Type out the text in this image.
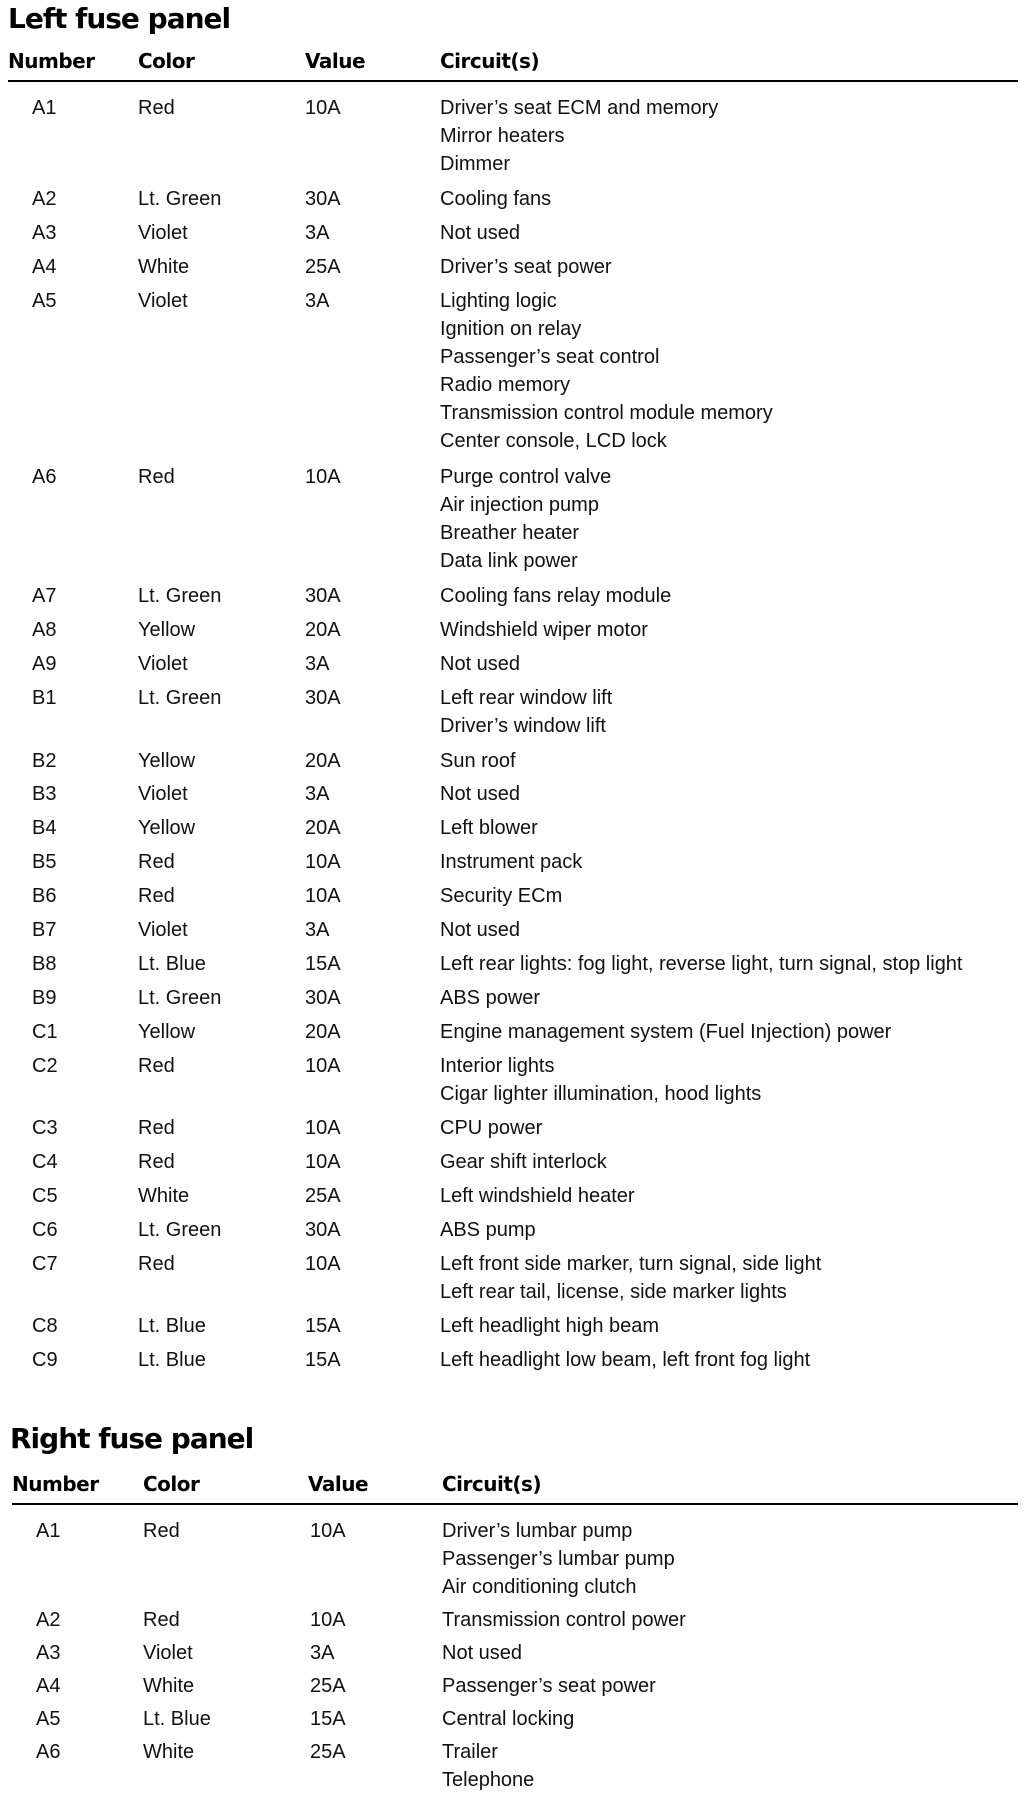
Left fuse panel
Number Color	Value	Circuit(s)
A1	Red	10A	Driver’s seat ECM and memory
Mirror heaters
Dimmer
A2	Lt. Green	30A	Cooling fans
A3	Violet	3A	Not used
A4	White	25A	Driver’s seat power
A5	Violet	3A	Lighting logic
Ignition on relay
Passenger’s seat control
Radio memory
Transmission control module memory
Center console, LCD lock
A6	Red	10A	Purge control valve
Air injection pump
Breather heater
Data link power
A7	Lt. Green	30A	Cooling fans relay module
A8	Yellow	20A	Windshield wiper motor
A9	Violet	3A	Not used
B1	Lt. Green	30A	Left rear window lift
Driver’s window lift
B2	Yellow	20A	Sun roof
B3	Violet	3A	Not used
B4	Yellow	20A	Left blower
B5	Red	10A	Instrument pack
B6	Red	10A	Security ECm
B7	Violet	3A	Not used
B8	Lt. Blue	15A	Left rear lights: fog light, reverse light, turn signal, stop light
B9	Lt. Green	30A	ABS power
C1	Yellow	20A	Engine management system (Fuel Injection) power
C2	Red	10A	Interior lights
Cigar lighter illumination, hood lights
C3	Red	10A	CPU power
C4	Red	10A	Gear shift interlock
C5	White	25A	Left windshield heater
C6	Lt. Green	30A	ABS pump
C7	Red	10A	Left front side marker, turn signal, side light
Left rear tail, license, side marker lights
C8	Lt. Blue	15A	Left headlight high beam
C9	Lt. Blue	15A	Left headlight low beam, left front fog light
Right fuse panel
Number Color	Value	Circuit(s)
A1	Red	10A	Driver’s lumbar pump
Passenger’s lumbar pump
Air conditioning clutch
A2	Red	10A	Transmission control power
A3	Violet	3A	Not used
A4	White	25A	Passenger’s seat power
A5	Lt. Blue	15A	Central locking
A6	White	25A	Trailer
Telephone
